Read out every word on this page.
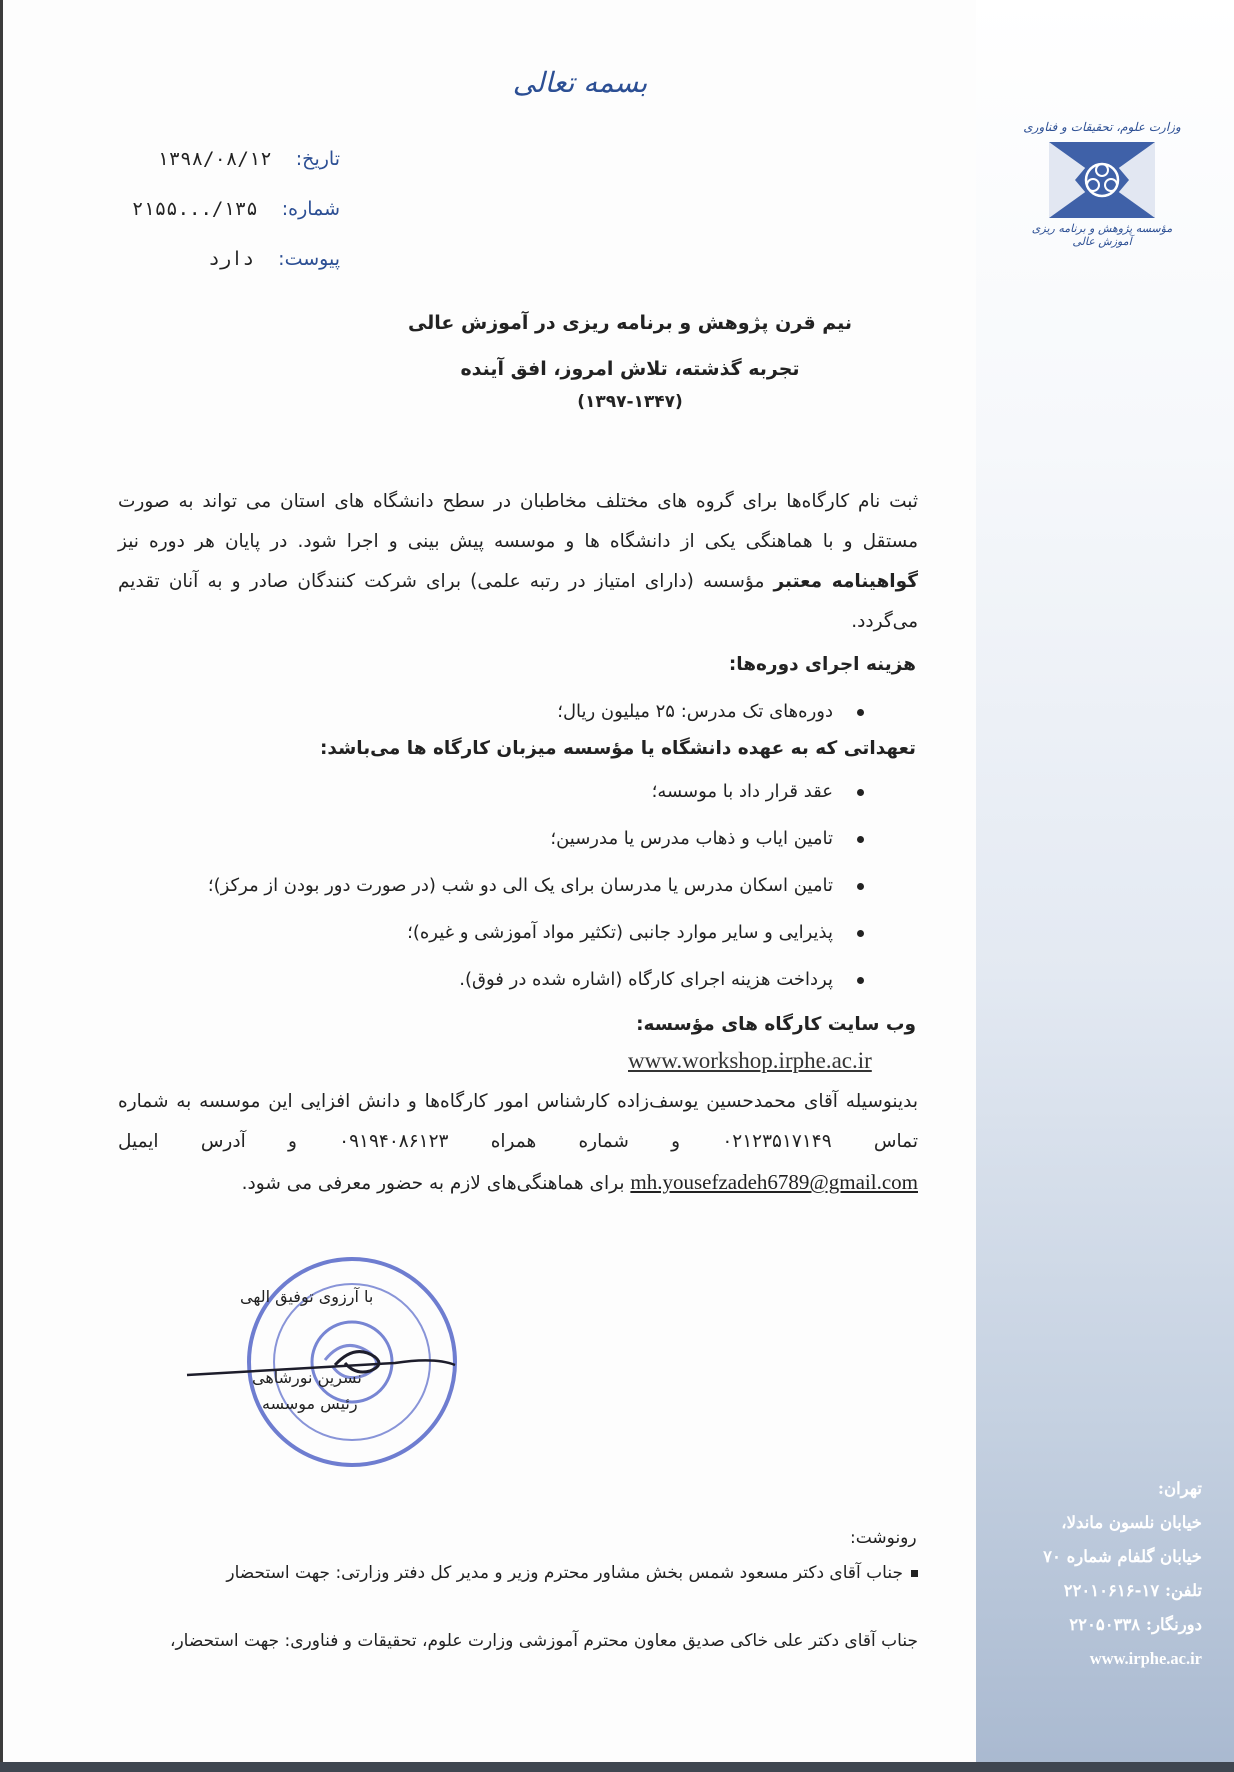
بسمه تعالی
تاریخ:  ۱۳۹۸/۰۸/۱۲
شماره:  ۱۳۵/...۲۱۵۵
پیوست:  دارد
وزارت علوم، تحقیقات و فناوری
مؤسسه پژوهش و برنامه ریزی آموزش عالی
نیم قرن پژوهش و برنامه ریزی در آموزش عالی
تجربه گذشته، تلاش امروز، افق آینده
(۱۳۹۷-۱۳۴۷)
ثبت نام کارگاه‌ها برای گروه های مختلف مخاطبان در سطح دانشگاه های استان می تواند به صورت مستقل و با هماهنگی یکی از دانشگاه ها و موسسه پیش بینی و اجرا شود. در پایان هر دوره نیز گواهینامه معتبر مؤسسه (دارای امتیاز در رتبه علمی) برای شرکت کنندگان صادر و به آنان تقدیم می‌گردد.
هزینه اجرای دوره‌ها:
دوره‌های تک مدرس: ۲۵ میلیون ریال؛
تعهداتی که به عهده دانشگاه یا مؤسسه میزبان کارگاه ها می‌باشد:
عقد قرار داد با موسسه؛
تامین ایاب و ذهاب مدرس یا مدرسین؛
تامین اسکان مدرس یا مدرسان برای یک الی دو شب (در صورت دور بودن از مرکز)؛
پذیرایی و سایر موارد جانبی (تکثیر مواد آموزشی و غیره)؛
پرداخت هزینه اجرای کارگاه (اشاره شده در فوق).
وب سایت کارگاه های مؤسسه:
www.workshop.irphe.ac.ir
بدینوسیله آقای محمدحسین یوسف‌زاده کارشناس امور کارگاه‌ها و دانش افزایی این موسسه به شماره تماس ۰۲۱۲۳۵۱۷۱۴۹ و شماره همراه ۰۹۱۹۴۰۸۶۱۲۳ و آدرس ایمیل mh.yousefzadeh6789@gmail.com برای هماهنگی‌های لازم به حضور معرفی می شود.
با آرزوی توفیق الهی
نسرین نورشاهی
رئیس موسسه
رونوشت:
جناب آقای دکتر مسعود شمس بخش مشاور محترم وزیر و مدیر کل دفتر وزارتی: جهت استحضار
جناب آقای دکتر علی خاکی صدیق معاون محترم آموزشی وزارت علوم، تحقیقات و فناوری: جهت استحضار،
تهران:
خیابان نلسون ماندلا،
خیابان گلفام شماره ۷۰
تلفن: ۱۷-۲۲۰۱۰۶۱۶
دورنگار: ۲۲۰۵۰۳۳۸
www.irphe.ac.ir
